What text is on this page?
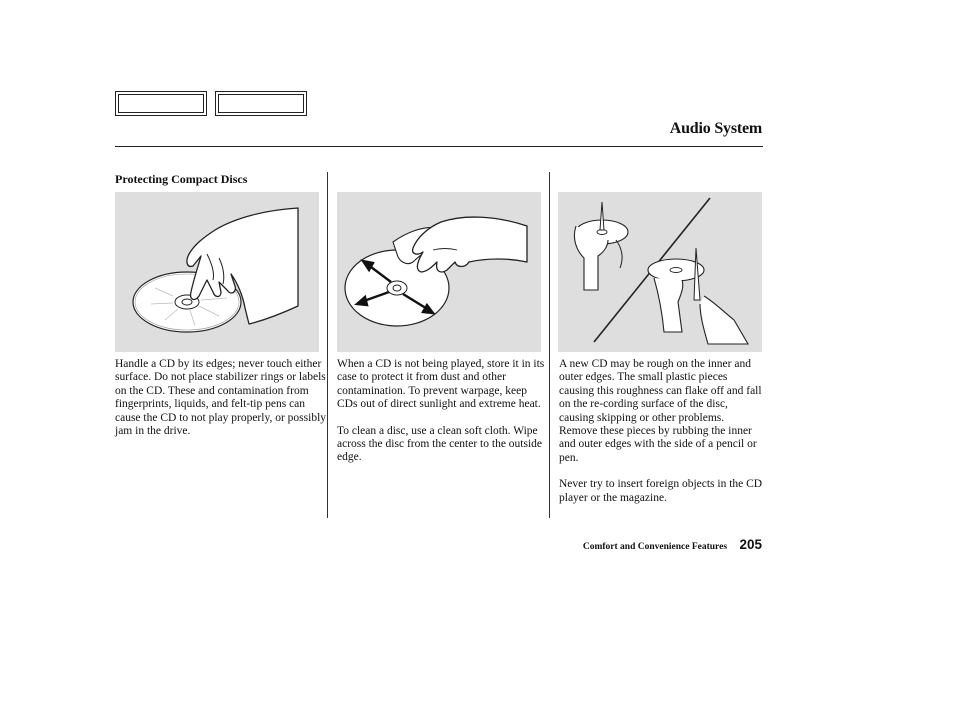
Audio System
Protecting Compact Discs

Handle a CD by its edges; never touch either surface. Do not place stabilizer rings or labels on the CD. These and contamination from fingerprints, liquids, and felt-tip pens can cause the CD to not play properly, or possibly jam in the drive.

When a CD is not being played, store it in its case to protect it from dust and other contamination. To prevent warpage, keep CDs out of direct sunlight and extreme heat.

To clean a disc, use a clean soft cloth. Wipe across the disc from the center to the outside edge.

A new CD may be rough on the inner and outer edges. The small plastic pieces causing this roughness can flake off and fall on the re-cording surface of the disc, causing skipping or other problems. Remove these pieces by rubbing the inner and outer edges with the side of a pencil or pen.

Never try to insert foreign objects in the CD player or the magazine.

Comfort and Convenience Features 205
